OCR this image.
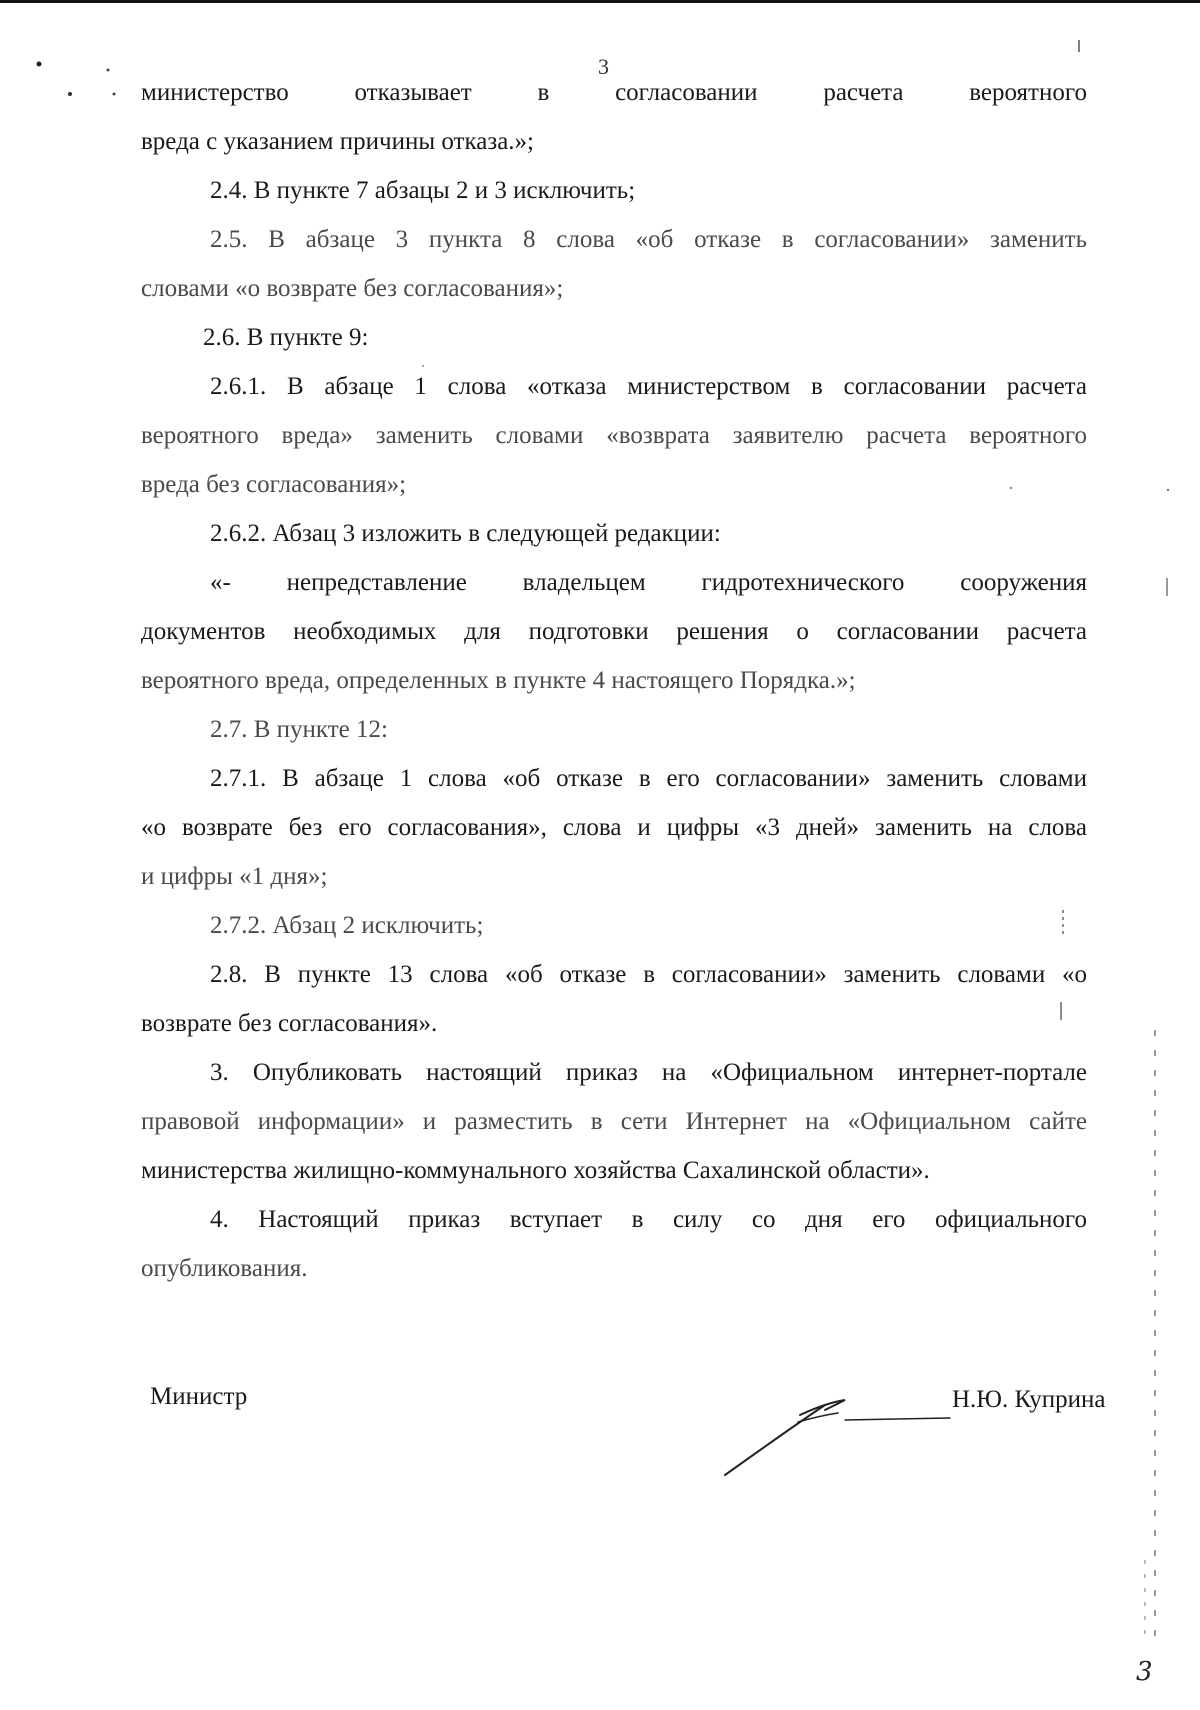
3
министерство отказывает в согласовании расчета вероятного
вреда с указанием причины отказа.»;
2.4. В пункте 7 абзацы 2 и 3 исключить;
2.5. В абзаце 3 пункта 8 слова «об отказе в согласовании» заменить
словами «о возврате без согласования»;
2.6. В пункте 9:
2.6.1. В абзаце 1 слова «отказа министерством в согласовании расчета
вероятного вреда» заменить словами «возврата заявителю расчета вероятного
вреда без согласования»;
2.6.2. Абзац 3 изложить в следующей редакции:
«- непредставление владельцем гидротехнического сооружения
документов необходимых для подготовки решения о согласовании расчета
вероятного вреда, определенных в пункте 4 настоящего Порядка.»;
2.7. В пункте 12:
2.7.1. В абзаце 1 слова «об отказе в его согласовании» заменить словами
«о возврате без его согласования», слова и цифры «3 дней» заменить на слова
и цифры «1 дня»;
2.7.2. Абзац 2 исключить;
2.8. В пункте 13 слова «об отказе в согласовании» заменить словами «о
возврате без согласования».
3. Опубликовать настоящий приказ на «Официальном интернет-портале
правовой информации» и разместить в сети Интернет на «Официальном сайте
министерства жилищно-коммунального хозяйства Сахалинской области».
4. Настоящий приказ вступает в силу со дня его официального
опубликования.
Министр	Н.Ю. Куприна
3
